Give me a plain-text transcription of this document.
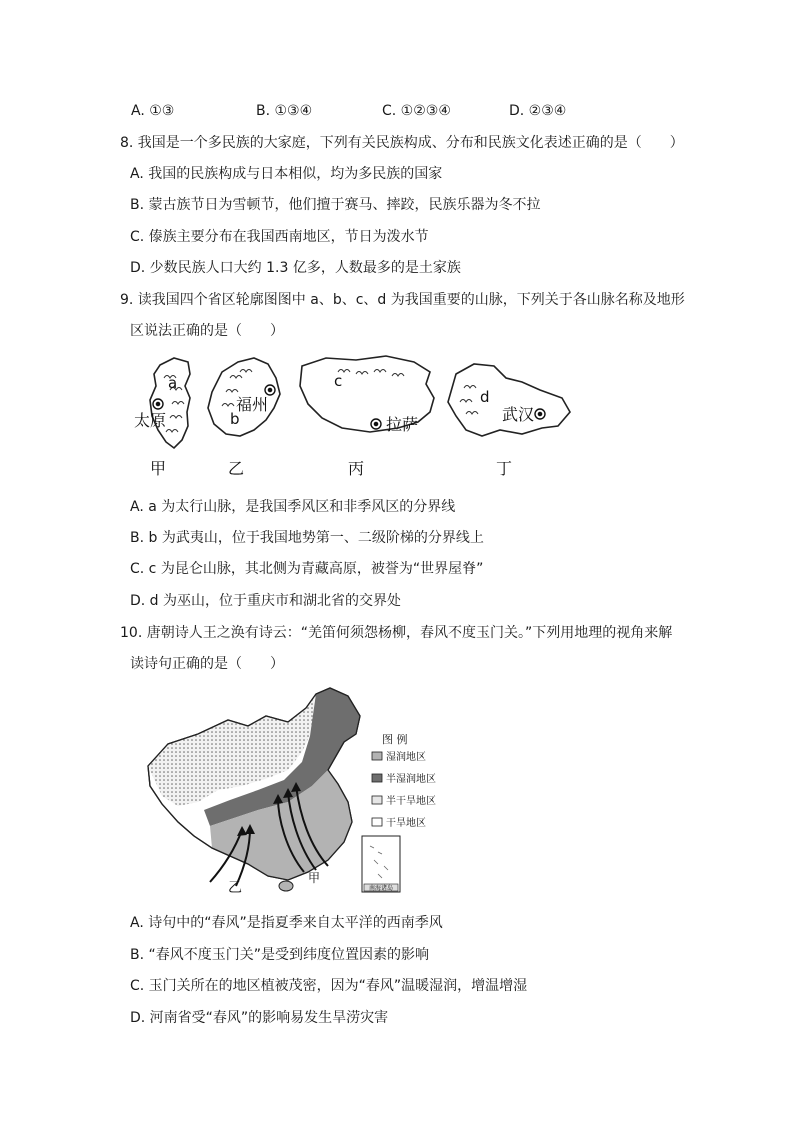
A. ①③	B. ①③④	C. ①②③④	D. ②③④
8. 我国是一个多民族的大家庭，下列有关民族构成、分布和民族文化表述正确的是（　　）
A. 我国的民族构成与日本相似，均为多民族的国家
B. 蒙古族节日为雪顿节，他们擅于赛马、摔跤，民族乐器为冬不拉
C. 傣族主要分布在我国西南地区，节日为泼水节
D. 少数民族人口大约 1.3 亿多，人数最多的是土家族
9. 读我国四个省区轮廓图图中 a、b、c、d 为我国重要的山脉，下列关于各山脉名称及地形
区说法正确的是（　　）
a
b
c
d
太原
福州
拉萨
武汉
甲	乙	丙	丁
A. a 为太行山脉，是我国季风区和非季风区的分界线
B. b 为武夷山，位于我国地势第一、二级阶梯的分界线上
C. c 为昆仑山脉，其北侧为青藏高原，被誉为“世界屋脊”
D. d 为巫山，位于重庆市和湖北省的交界处
10. 唐朝诗人王之涣有诗云：“羌笛何须怨杨柳，春风不度玉门关。”下列用地理的视角来解
读诗句正确的是（　　）
乙
甲
南海诸岛
图 例
湿润地区
半湿润地区
半干旱地区
干旱地区
A. 诗句中的“春风”是指夏季来自太平洋的西南季风
B. “春风不度玉门关”是受到纬度位置因素的影响
C. 玉门关所在的地区植被茂密，因为“春风”温暖湿润，增温增湿
D. 河南省受“春风”的影响易发生旱涝灾害
